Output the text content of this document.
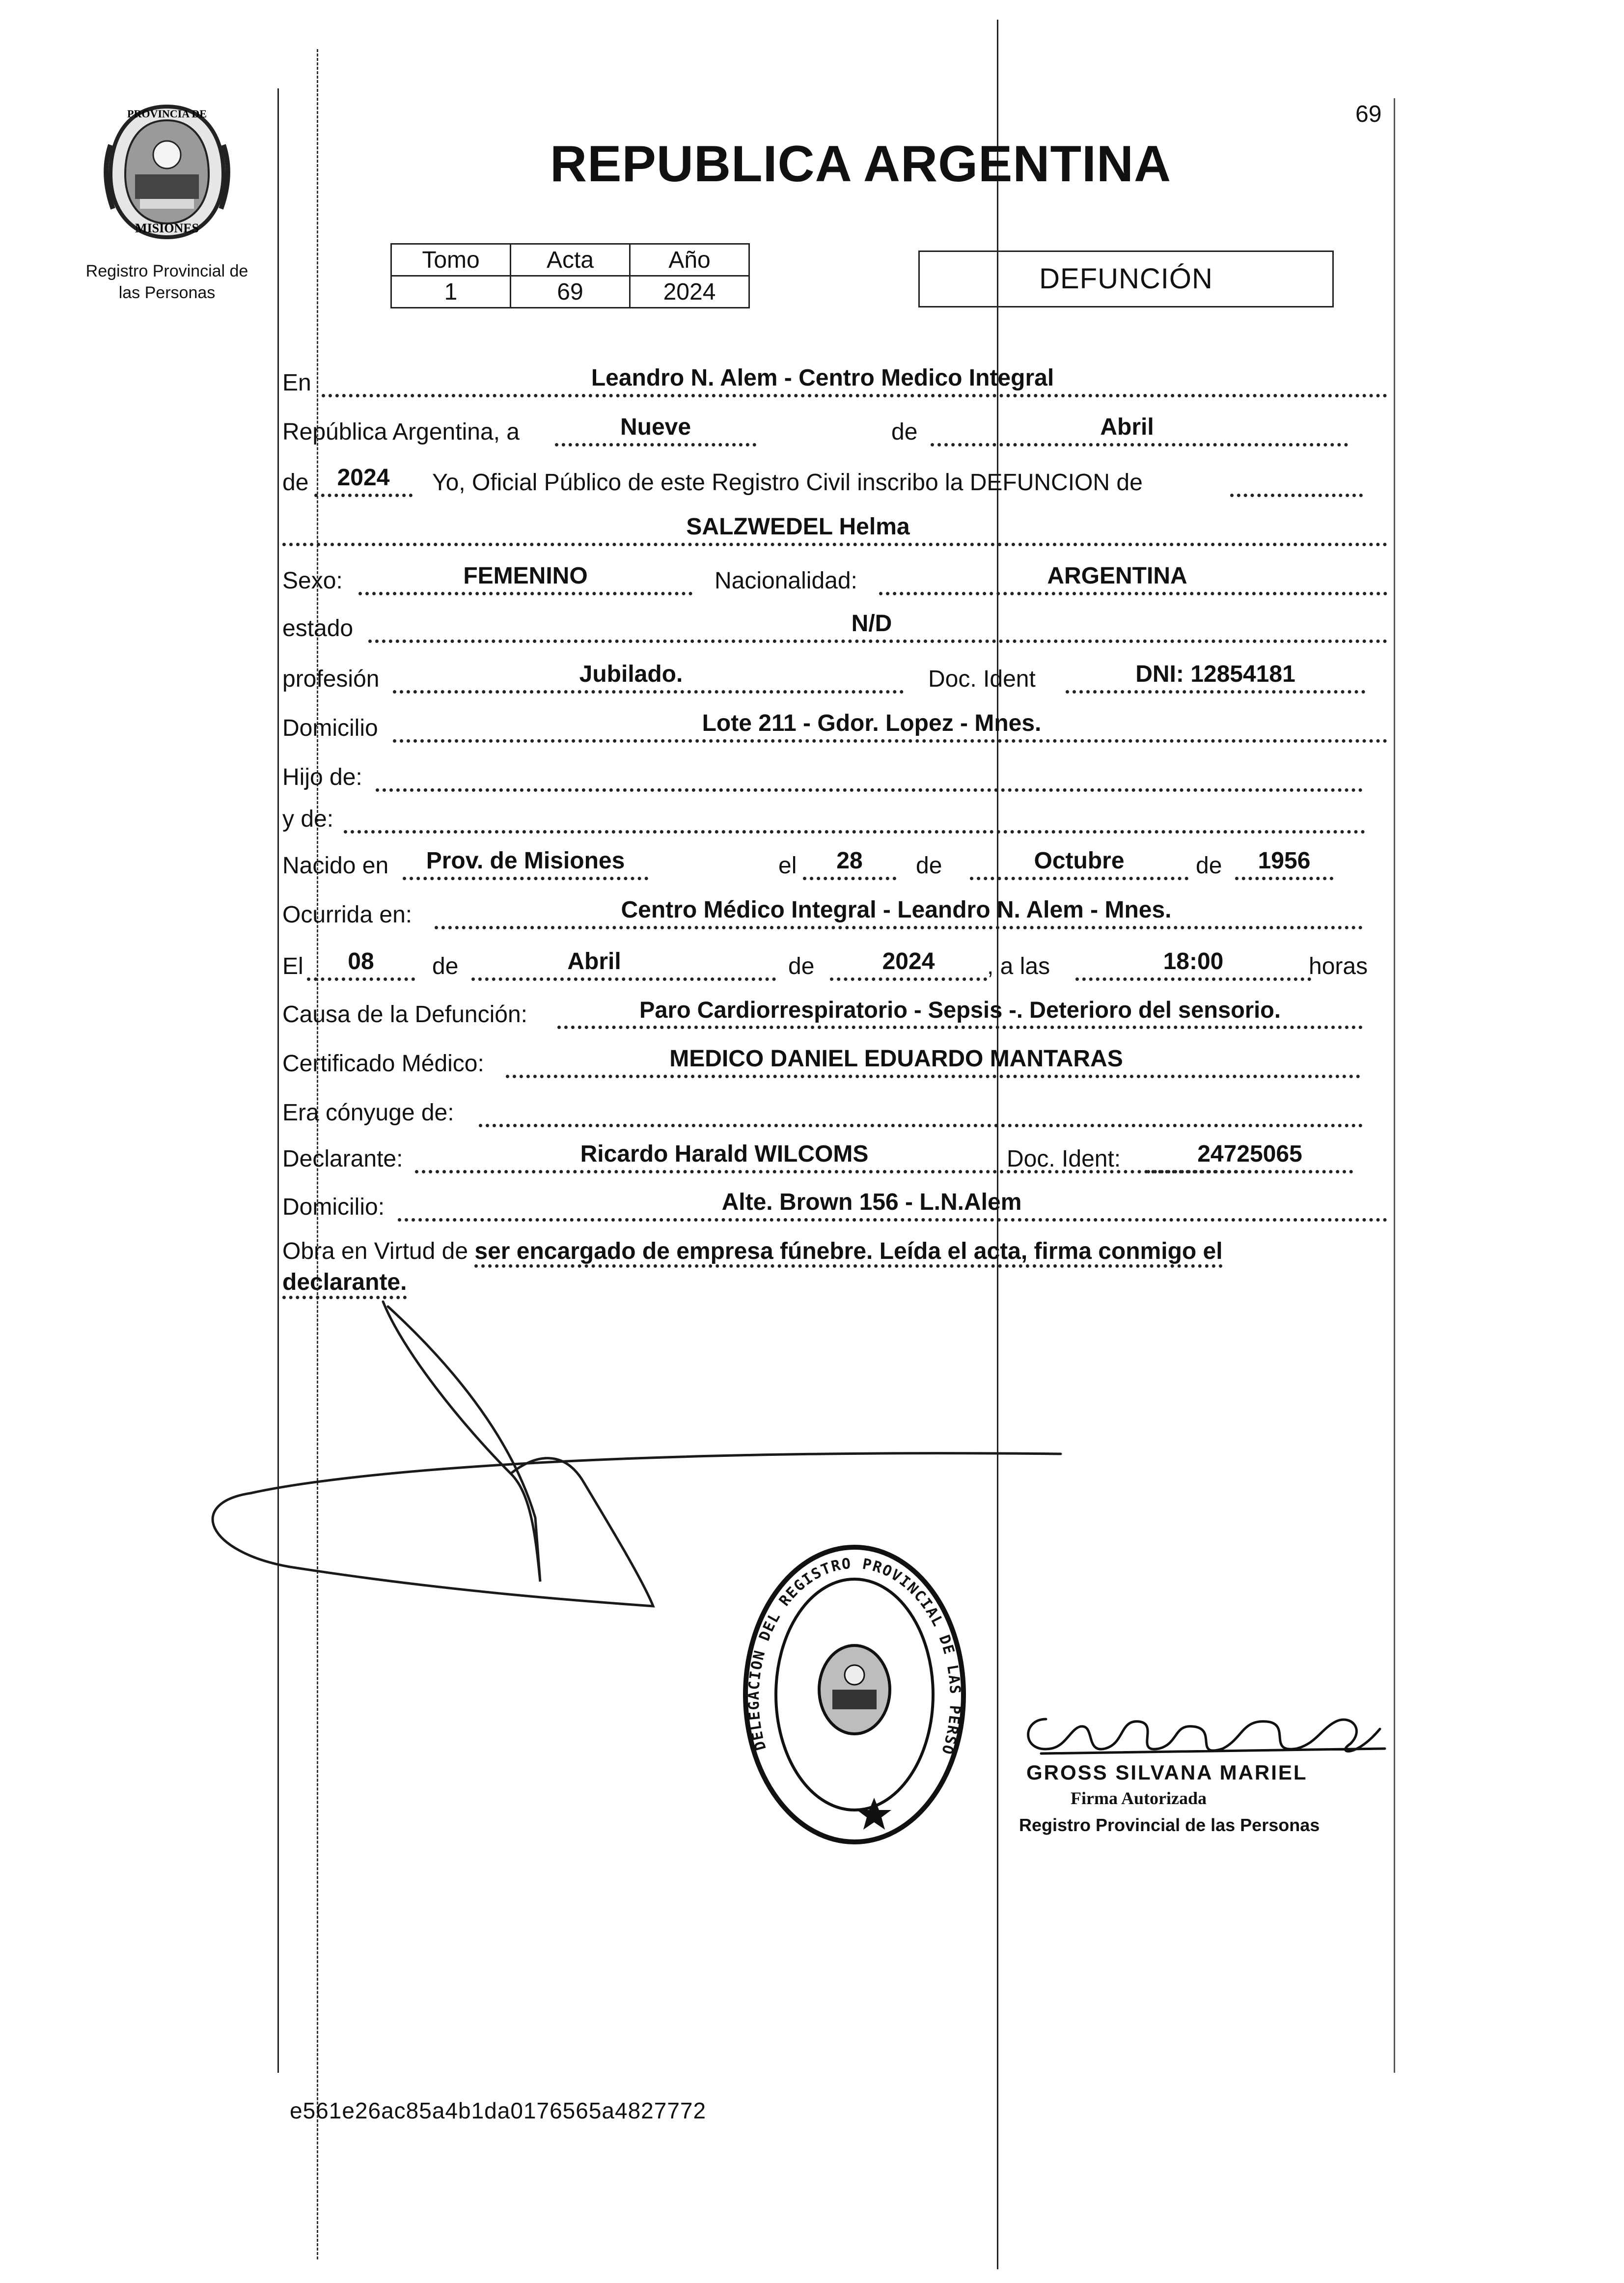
69
PROVINCIA DE
MISIONES
Registro Provincial de
las Personas
REPUBLICA ARGENTINA
Tomo	Acta	Año
1	69	2024	DEFUNCIÓN
En	Leandro N. Alem - Centro Medico Integral
República Argentina, a	Nueve	de	Abril
de	2024	Yo, Oficial Público de este Registro Civil inscribo la DEFUNCION de
SALZWEDEL Helma
Sexo:	FEMENINO	Nacionalidad:	ARGENTINA
estado	N/D
profesión	Jubilado.	Doc. Ident	DNI: 12854181
Domicilio	Lote 211 - Gdor. Lopez - Mnes.
Hijo de:
y de:
Nacido en	Prov. de Misiones	el	28	de	Octubre	de	1956
Ocurrida en:	Centro Médico Integral - Leandro N. Alem - Mnes.
El	08	de	Abril	de	2024	, a las	18:00	horas
Causa de la Defunción:	Paro Cardiorrespiratorio - Sepsis -. Deterioro del sensorio.
Certificado Médico:	MEDICO DANIEL EDUARDO MANTARAS
Era cónyuge de:
Declarante:	Ricardo Harald WILCOMS	Doc. Ident:	24725065
Domicilio:	Alte. Brown 156 - L.N.Alem
Obra en Virtud de ser encargado de empresa fúnebre. Leída el acta, firma conmigo el
declarante.
DELEGACION DEL REGISTRO PROVINCIAL DE LAS PERSO
GROSS SILVANA MARIEL
Firma Autorizada
Registro Provincial de las Personas
e561e26ac85a4b1da0176565a4827772
